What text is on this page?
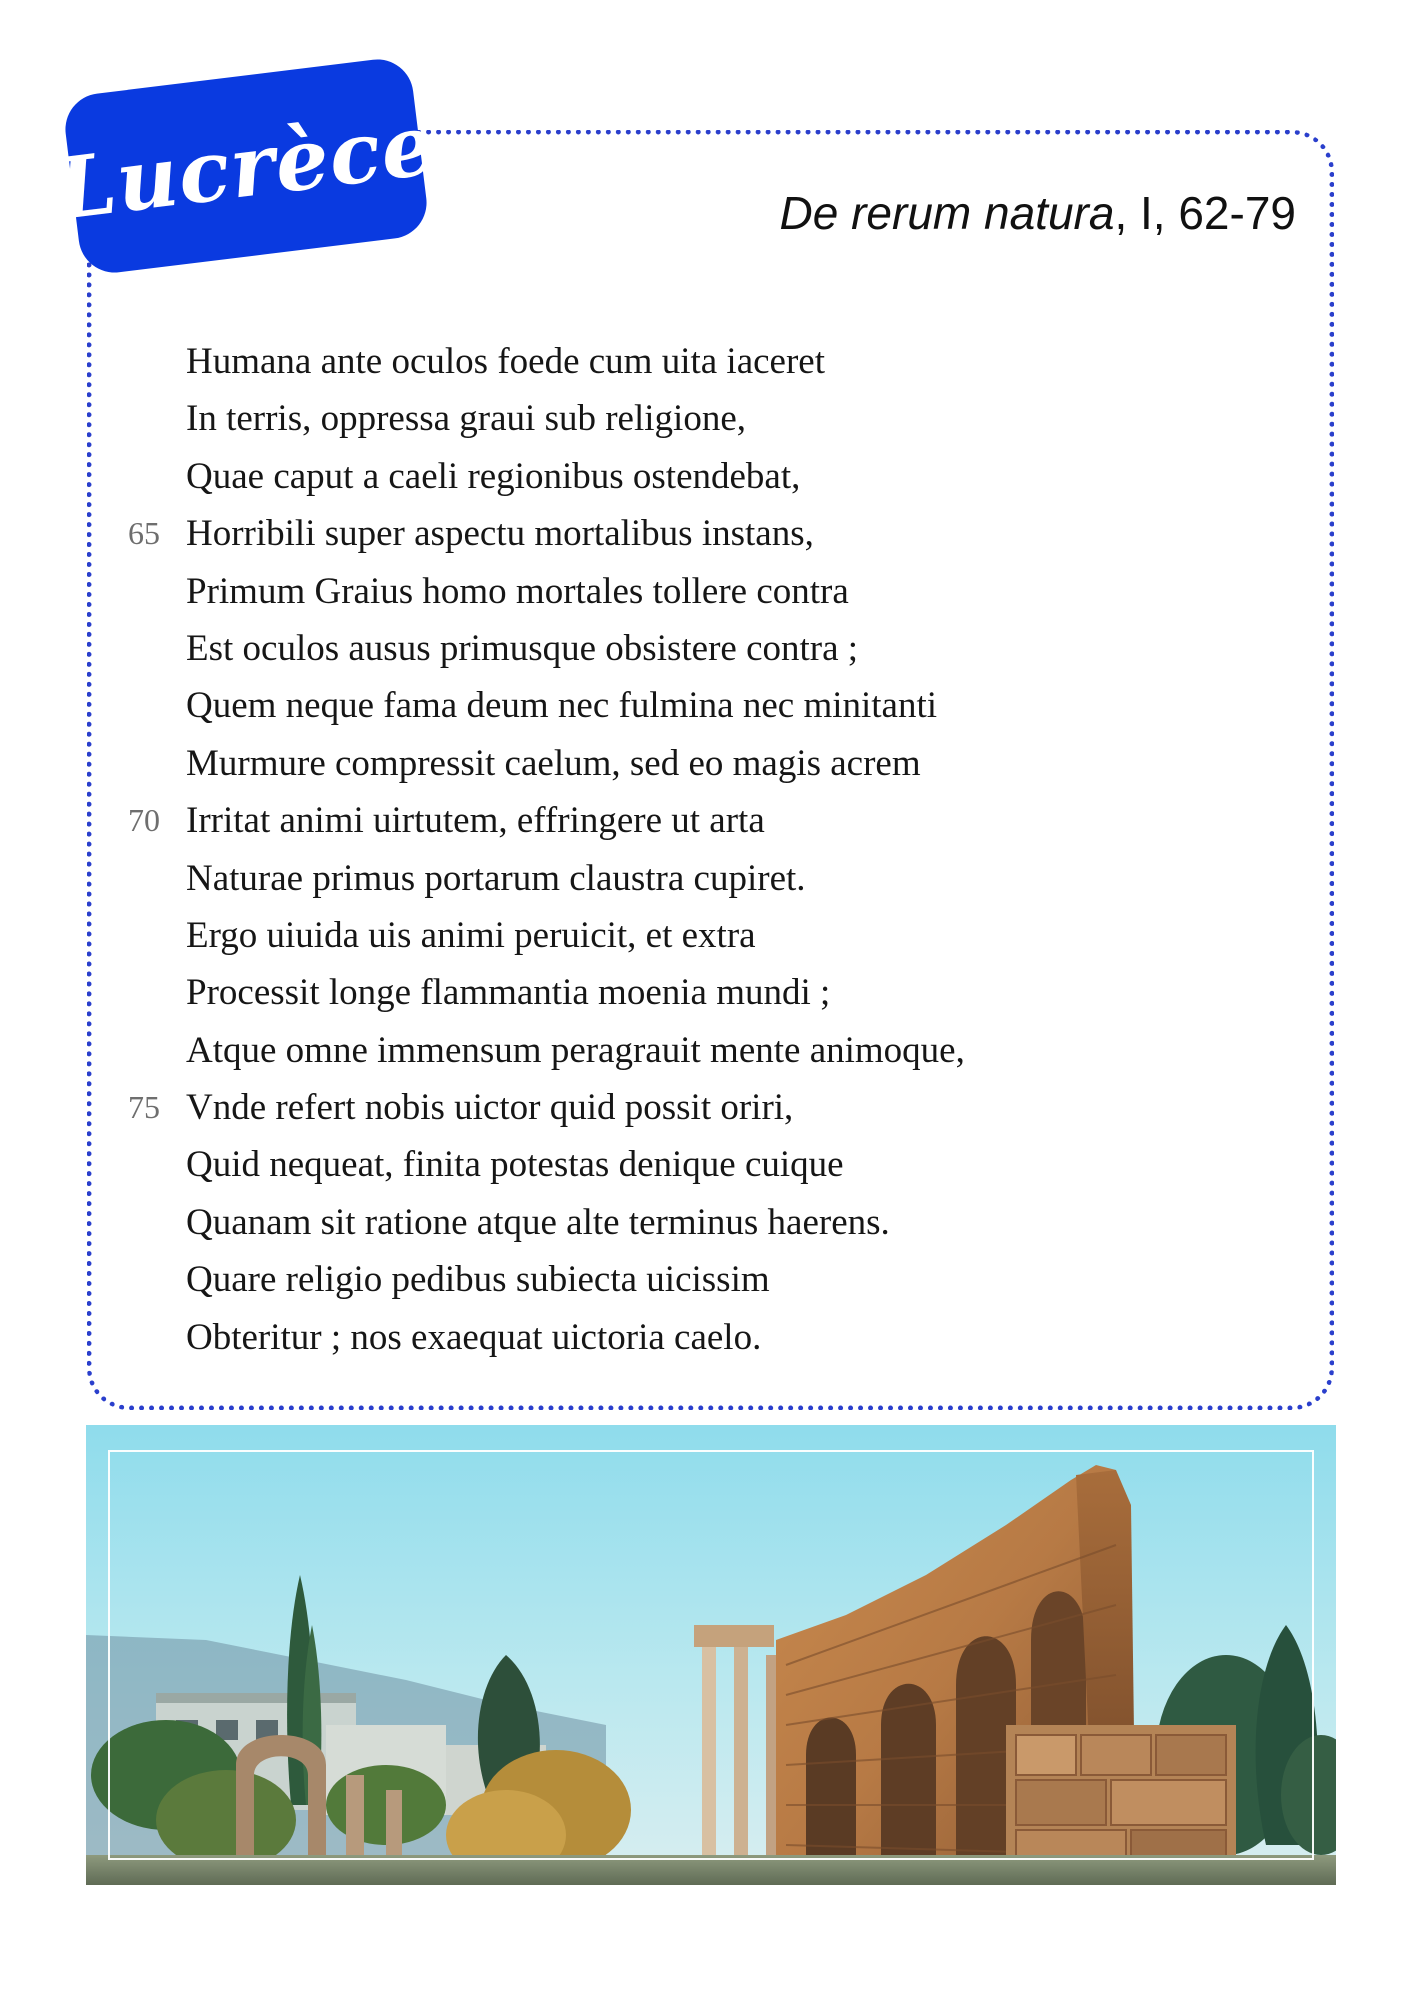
Lucrèce	De rerum natura, I, 62-79
Humana ante oculos foede cum uita iaceret
In terris, oppressa graui sub religione,
Quae caput a caeli regionibus ostendebat,
65 Horribili super aspectu mortalibus instans,
Primum Graius homo mortales tollere contra
Est oculos ausus primusque obsistere contra ;
Quem neque fama deum nec fulmina nec minitanti
Murmure compressit caelum, sed eo magis acrem
70 Irritat animi uirtutem, effringere ut arta
Naturae primus portarum claustra cupiret.
Ergo uiuida uis animi peruicit, et extra
Processit longe flammantia moenia mundi ;
Atque omne immensum peragrauit mente animoque,
75 Vnde refert nobis uictor quid possit oriri,
Quid nequeat, finita potestas denique cuique
Quanam sit ratione atque alte terminus haerens.
Quare religio pedibus subiecta uicissim
Obteritur ; nos exaequat uictoria caelo.
